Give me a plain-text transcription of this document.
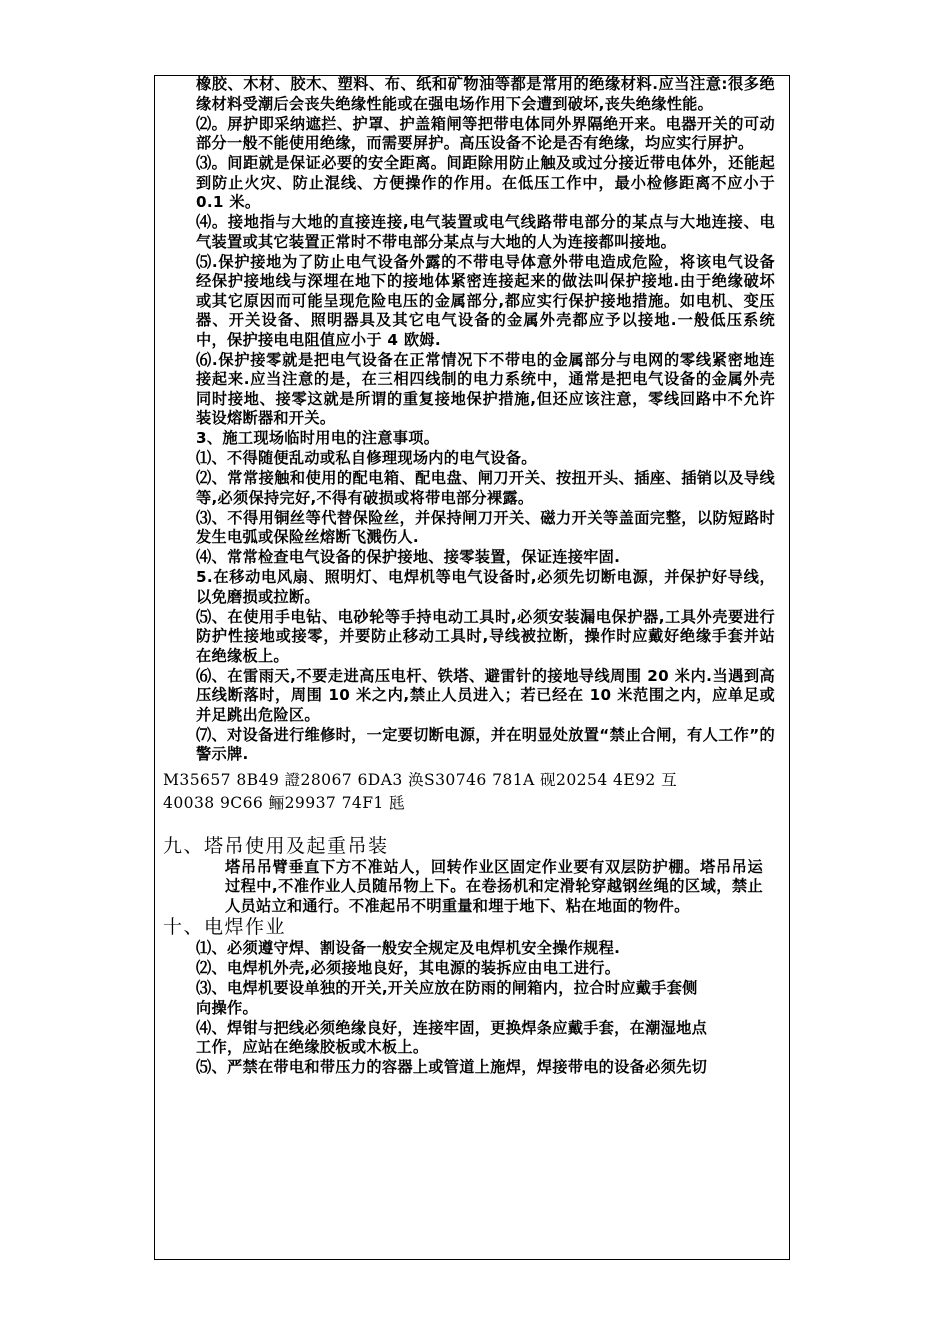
橡胶、木材、胶木、塑料、布、纸和矿物油等都是常用的绝缘材料.应当注意:很多绝缘材料受潮后会丧失绝缘性能或在强电场作用下会遭到破坏,丧失绝缘性能。

⑵。屏护即采纳遮拦、护罩、护盖箱闸等把带电体同外界隔绝开来。电器开关的可动部分一般不能使用绝缘，而需要屏护。高压设备不论是否有绝缘，均应实行屏护。

⑶。间距就是保证必要的安全距离。间距除用防止触及或过分接近带电体外，还能起到防止火灾、防止混线、方便操作的作用。在低压工作中，最小检修距离不应小于 0.1 米。

⑷。接地指与大地的直接连接,电气装置或电气线路带电部分的某点与大地连接、电气装置或其它装置正常时不带电部分某点与大地的人为连接都叫接地。

⑸.保护接地为了防止电气设备外露的不带电导体意外带电造成危险，将该电气设备经保护接地线与深埋在地下的接地体紧密连接起来的做法叫保护接地.由于绝缘破坏或其它原因而可能呈现危险电压的金属部分,都应实行保护接地措施。如电机、变压器、开关设备、照明器具及其它电气设备的金属外壳都应予以接地.一般低压系统中，保护接电电阻值应小于 4 欧姆.

⑹.保护接零就是把电气设备在正常情况下不带电的金属部分与电网的零线紧密地连接起来.应当注意的是，在三相四线制的电力系统中，通常是把电气设备的金属外壳同时接地、接零这就是所谓的重复接地保护措施,但还应该注意，零线回路中不允许装设熔断器和开关。

3、施工现场临时用电的注意事项。

⑴、不得随便乱动或私自修理现场内的电气设备。

⑵、常常接触和使用的配电箱、配电盘、闸刀开关、按扭开头、插座、插销以及导线等,必须保持完好,不得有破损或将带电部分裸露。

⑶、不得用铜丝等代替保险丝，并保持闸刀开关、磁力开关等盖面完整，以防短路时发生电弧或保险丝熔断飞溅伤人.

⑷、常常检查电气设备的保护接地、接零装置，保证连接牢固.

5.在移动电风扇、照明灯、电焊机等电气设备时,必须先切断电源，并保护好导线，以免磨损或拉断。

⑸、在使用手电钻、电砂轮等手持电动工具时,必须安装漏电保护器,工具外壳要进行防护性接地或接零，并要防止移动工具时,导线被拉断，操作时应戴好绝缘手套并站在绝缘板上。

⑹、在雷雨天,不要走进高压电杆、铁塔、避雷针的接地导线周围 20 米内.当遇到高压线断落时，周围 10 米之内,禁止人员进入；若已经在 10 米范围之内，应单足或并足跳出危险区。

⑺、对设备进行维修时，一定要切断电源，并在明显处放置“禁止合闸，有人工作”的警示牌.

M35657 8B49 證28067 6DA3 涣S30746 781A 砚20254 4E92 互

40038 9C66 鲡29937 74F1 瓱

九、塔吊使用及起重吊装

塔吊吊臂垂直下方不准站人，回转作业区固定作业要有双层防护棚。塔吊吊运过程中,不准作业人员随吊物上下。在卷扬机和定滑轮穿越钢丝绳的区域，禁止人员站立和通行。不准起吊不明重量和埋于地下、粘在地面的物件。

十、电焊作业

⑴、必须遵守焊、割设备一般安全规定及电焊机安全操作规程.

⑵、电焊机外壳,必须接地良好，其电源的装拆应由电工进行。

⑶、电焊机要设单独的开关,开关应放在防雨的闸箱内，拉合时应戴手套侧
向操作。

⑷、焊钳与把线必须绝缘良好，连接牢固，更换焊条应戴手套，在潮湿地点
工作，应站在绝缘胶板或木板上。

⑸、严禁在带电和带压力的容器上或管道上施焊，焊接带电的设备必须先切
